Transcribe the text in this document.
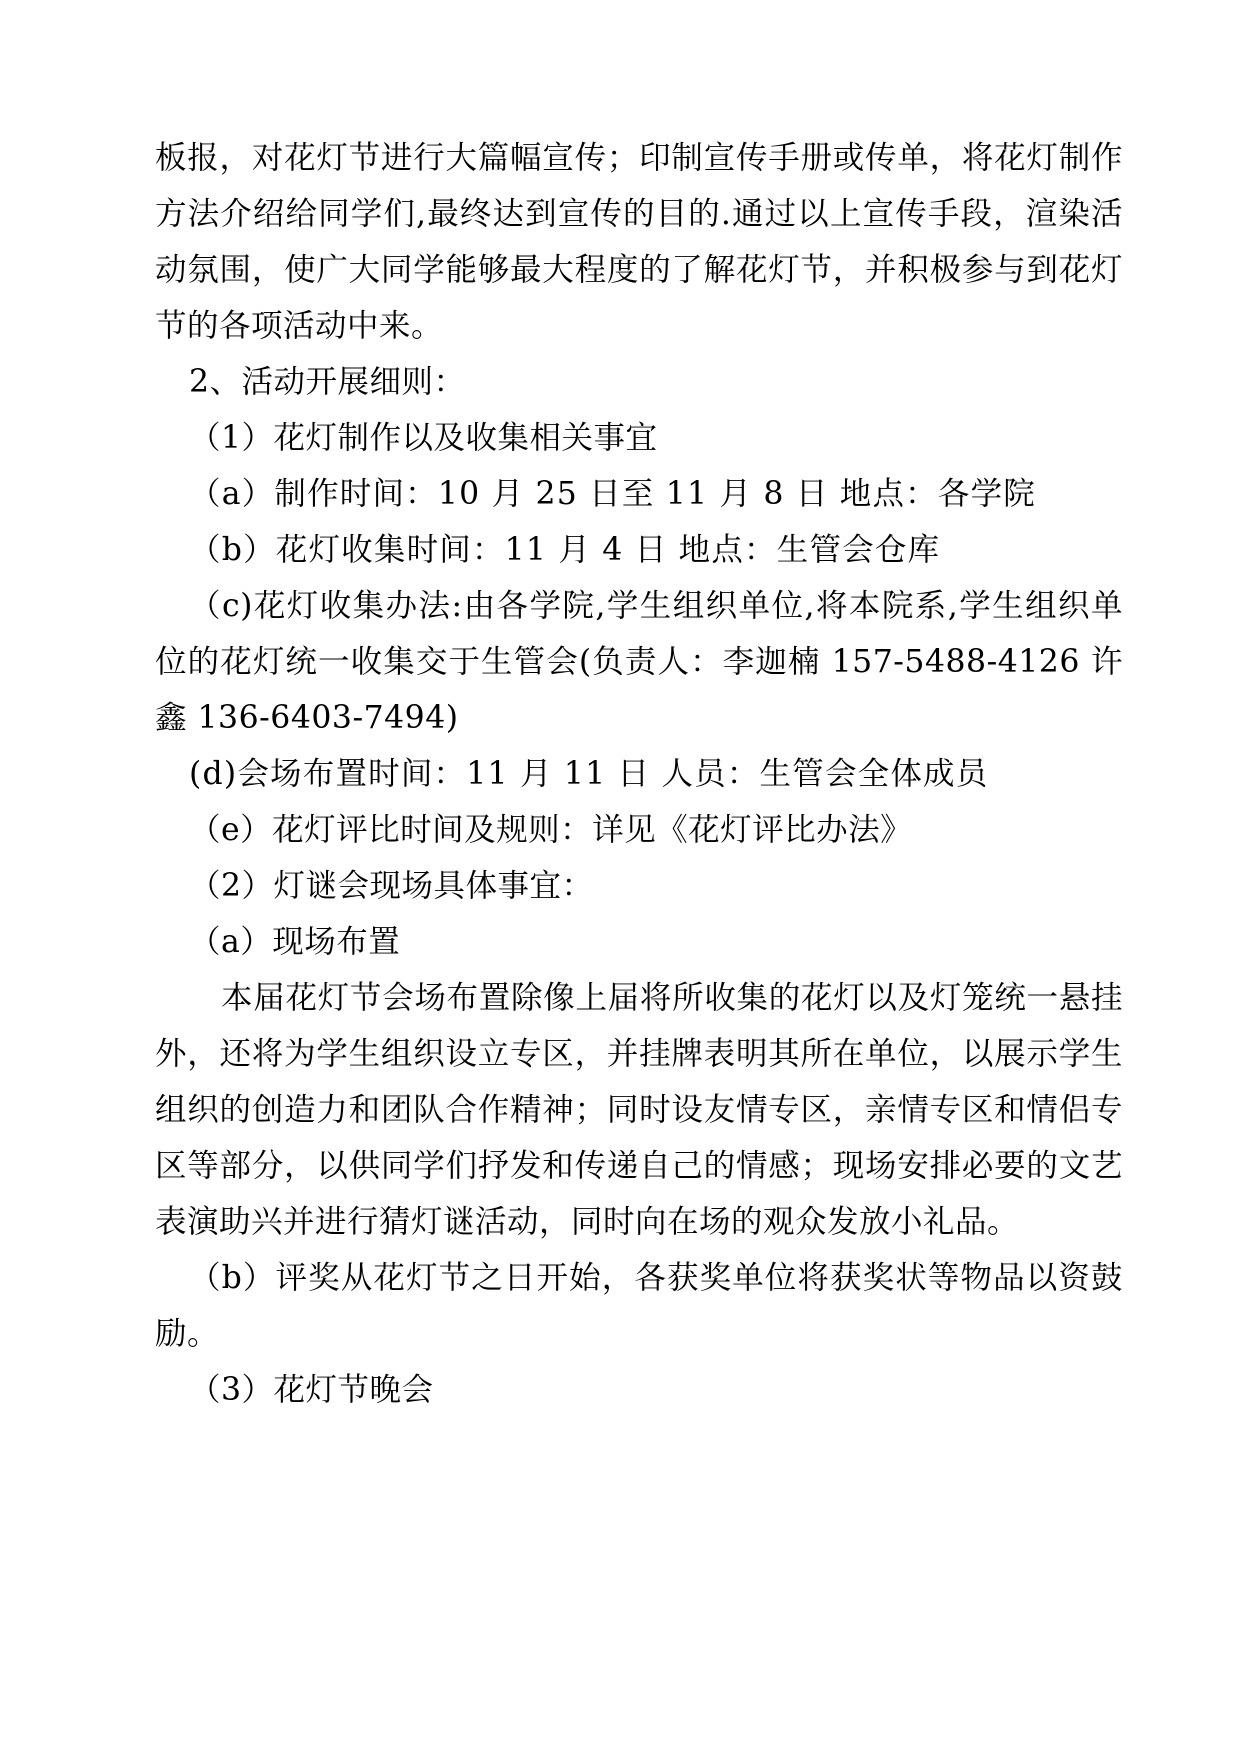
板报，对花灯节进行大篇幅宣传；印制宣传手册或传单，将花灯制作方法介绍给同学们,最终达到宣传的目的.通过以上宣传手段，渲染活动氛围，使广大同学能够最大程度的了解花灯节，并积极参与到花灯节的各项活动中来。

2、活动开展细则：

（1）花灯制作以及收集相关事宜

（a）制作时间：10 月 25 日至 11 月 8 日 地点：各学院

（b）花灯收集时间：11 月 4 日 地点：生管会仓库

（c)花灯收集办法:由各学院,学生组织单位,将本院系,学生组织单位的花灯统一收集交于生管会(负责人：李迦楠 157-5488-4126 许鑫 136-6403-7494)

(d)会场布置时间：11 月 11 日 人员：生管会全体成员

（e）花灯评比时间及规则：详见《花灯评比办法》

（2）灯谜会现场具体事宜：

（a）现场布置

本届花灯节会场布置除像上届将所收集的花灯以及灯笼统一悬挂外，还将为学生组织设立专区，并挂牌表明其所在单位，以展示学生组织的创造力和团队合作精神；同时设友情专区，亲情专区和情侣专区等部分，以供同学们抒发和传递自己的情感；现场安排必要的文艺表演助兴并进行猜灯谜活动，同时向在场的观众发放小礼品。

（b）评奖从花灯节之日开始，各获奖单位将获奖状等物品以资鼓励。

（3）花灯节晚会
